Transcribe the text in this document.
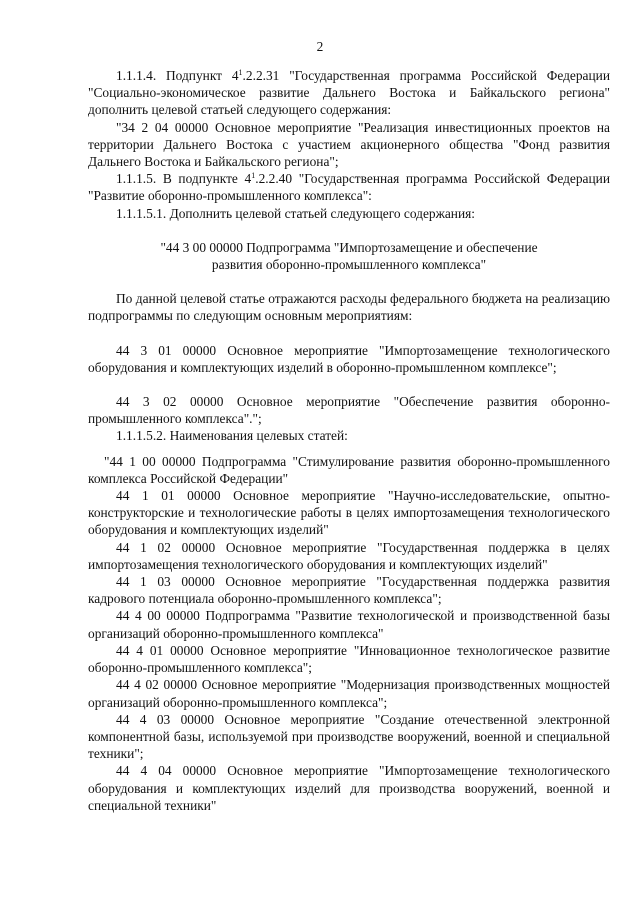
2

1.1.1.4. Подпункт $4^1.2.2.31$ "Государственная программа Российской Федерации "Социально-экономическое развитие Дальнего Востока и Байкальского региона" дополнить целевой статьей следующего содержания:

"34 2 04 00000 Основное мероприятие "Реализация инвестиционных проектов на территории Дальнего Востока с участием акционерного общества "Фонд развития Дальнего Востока и Байкальского региона";

1.1.1.5. В подпункте $4^1.2.2.40$ "Государственная программа Российской Федерации "Развитие оборонно-промышленного комплекса":

1.1.1.5.1. Дополнить целевой статьей следующего содержания:

"44 3 00 00000 Подпрограмма "Импортозамещение и обеспечение

развития оборонно-промышленного комплекса"

По данной целевой статье отражаются расходы федерального бюджета на реализацию подпрограммы по следующим основным мероприятиям:

44 3 01 00000 Основное мероприятие "Импортозамещение технологического оборудования и комплектующих изделий в оборонно-промышленном комплексе";

44 3 02 00000 Основное мероприятие "Обеспечение развития оборонно-промышленного комплекса".";

1.1.1.5.2. Наименования целевых статей:

"44 1 00 00000 Подпрограмма "Стимулирование развития оборонно-промышленного комплекса Российской Федерации"

44 1 01 00000 Основное мероприятие "Научно-исследовательские, опытно-конструкторские и технологические работы в целях импортозамещения технологического оборудования и комплектующих изделий"

44 1 02 00000 Основное мероприятие "Государственная поддержка в целях импортозамещения технологического оборудования и комплектующих изделий"

44 1 03 00000 Основное мероприятие "Государственная поддержка развития кадрового потенциала оборонно-промышленного комплекса";

44 4 00 00000 Подпрограмма "Развитие технологической и производственной базы организаций оборонно-промышленного комплекса"

44 4 01 00000 Основное мероприятие "Инновационное технологическое развитие оборонно-промышленного комплекса";

44 4 02 00000 Основное мероприятие "Модернизация производственных мощностей организаций оборонно-промышленного комплекса";

44 4 03 00000 Основное мероприятие "Создание отечественной электронной компонентной базы, используемой при производстве вооружений, военной и специальной техники";

44 4 04 00000 Основное мероприятие "Импортозамещение технологического оборудования и комплектующих изделий для производства вооружений, военной и специальной техники"
